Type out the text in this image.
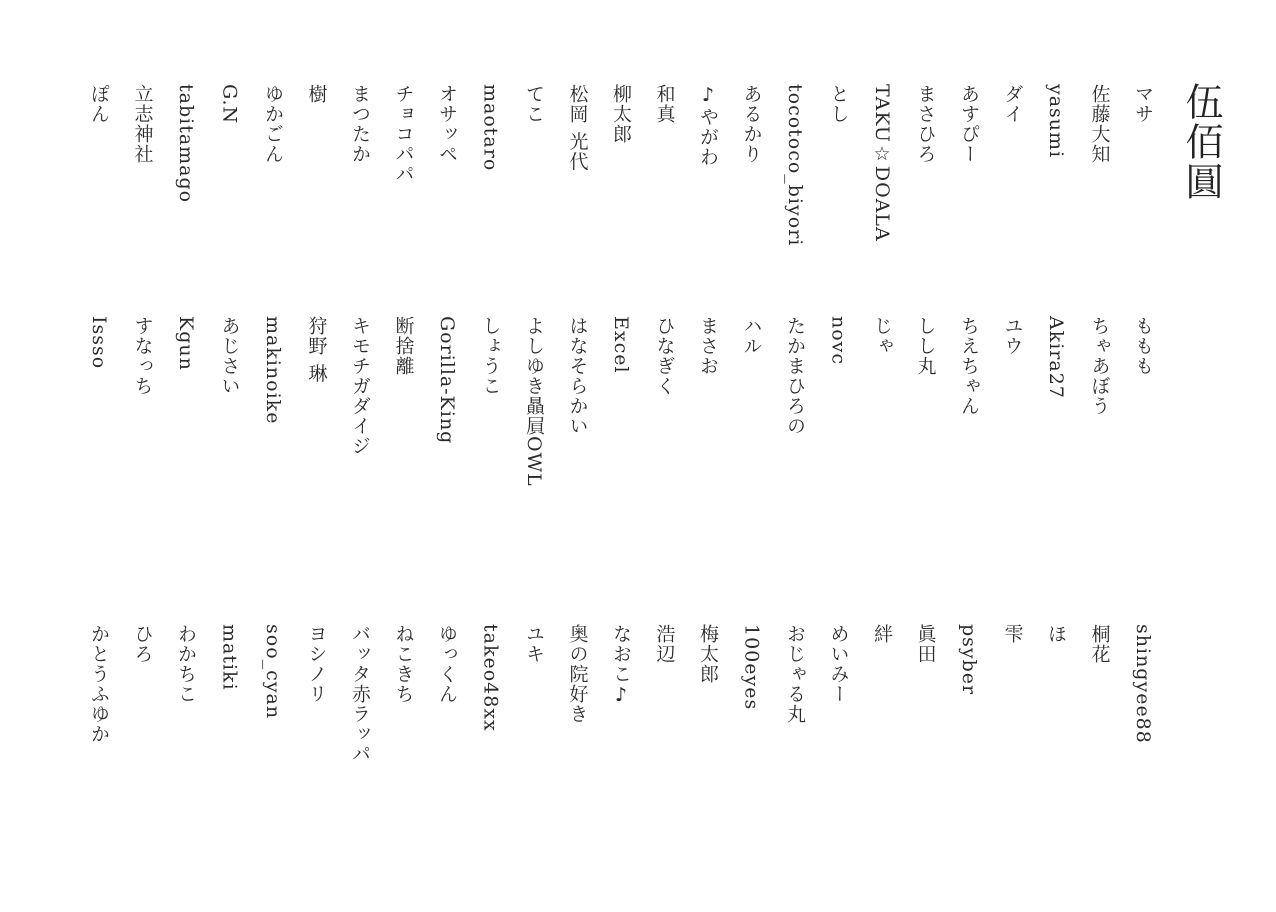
伍佰圓
マサ
佐藤大知
yasumi
ダイ
あすぴー
まさひろ
TAKU☆DOALA
とし
tocotoco_biyori
あるかり
♪やがわ
和真
柳太郎
松岡 光代
てこ
maotaro
オサッペ
チョコパパ
まつたか
樹
ゆかごん
G.N
tabitamago
立志神社
ぽん
ももも
ちゃあぼう
Akira27
ユウ
ちえちゃん
しし丸
じゃ
novc
たかまひろの
ハル
まさお
ひなぎく
Excel
はなそらかい
よしゆき贔屓OWL
しょうこ
Gorilla-King
断捨離
キモチガダイジ
狩野 琳
makinoike
あじさい
Kgun
すなっち
Issso
shingyee88
桐花
ほ
雫
psyber
眞田
絆
めいみー
おじゃる丸
100eyes
梅太郎
浩辺
なおこ♪
奥の院好き
ユキ
takeo48xx
ゆっくん
ねこきち
バッタ赤ラッパ
ヨシノリ
soo_cyan
matiki
わかちこ
ひろ
かとうふゆか
